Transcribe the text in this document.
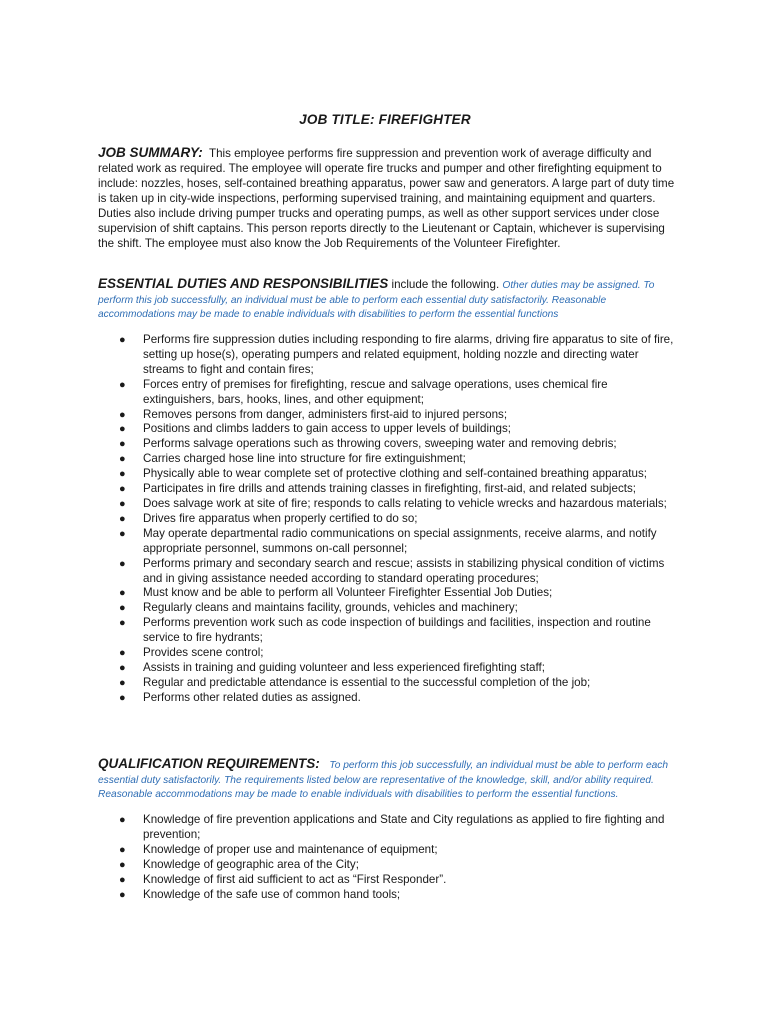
JOB TITLE: FIREFIGHTER
JOB SUMMARY: This employee performs fire suppression and prevention work of average difficulty and related work as required. The employee will operate fire trucks and pumper and other firefighting equipment to include: nozzles, hoses, self-contained breathing apparatus, power saw and generators. A large part of duty time is taken up in city-wide inspections, performing supervised training, and maintaining equipment and quarters. Duties also include driving pumper trucks and operating pumps, as well as other support services under close supervision of shift captains. This person reports directly to the Lieutenant or Captain, whichever is supervising the shift. The employee must also know the Job Requirements of the Volunteer Firefighter.
ESSENTIAL DUTIES AND RESPONSIBILITIES include the following. Other duties may be assigned. To perform this job successfully, an individual must be able to perform each essential duty satisfactorily. Reasonable accommodations may be made to enable individuals with disabilities to perform the essential functions
● Performs fire suppression duties including responding to fire alarms, driving fire apparatus to site of fire, setting up hose(s), operating pumpers and related equipment, holding nozzle and directing water streams to fight and contain fires;
● Forces entry of premises for firefighting, rescue and salvage operations, uses chemical fire extinguishers, bars, hooks, lines, and other equipment;
● Removes persons from danger, administers first-aid to injured persons;
● Positions and climbs ladders to gain access to upper levels of buildings;
● Performs salvage operations such as throwing covers, sweeping water and removing debris;
● Carries charged hose line into structure for fire extinguishment;
● Physically able to wear complete set of protective clothing and self-contained breathing apparatus;
● Participates in fire drills and attends training classes in firefighting, first-aid, and related subjects;
● Does salvage work at site of fire; responds to calls relating to vehicle wrecks and hazardous materials;
● Drives fire apparatus when properly certified to do so;
● May operate departmental radio communications on special assignments, receive alarms, and notify appropriate personnel, summons on-call personnel;
● Performs primary and secondary search and rescue; assists in stabilizing physical condition of victims and in giving assistance needed according to standard operating procedures;
● Must know and be able to perform all Volunteer Firefighter Essential Job Duties;
● Regularly cleans and maintains facility, grounds, vehicles and machinery;
● Performs prevention work such as code inspection of buildings and facilities, inspection and routine service to fire hydrants;
● Provides scene control;
● Assists in training and guiding volunteer and less experienced firefighting staff;
● Regular and predictable attendance is essential to the successful completion of the job;
● Performs other related duties as assigned.
QUALIFICATION REQUIREMENTS: To perform this job successfully, an individual must be able to perform each essential duty satisfactorily. The requirements listed below are representative of the knowledge, skill, and/or ability required. Reasonable accommodations may be made to enable individuals with disabilities to perform the essential functions.
● Knowledge of fire prevention applications and State and City regulations as applied to fire fighting and prevention;
● Knowledge of proper use and maintenance of equipment;
● Knowledge of geographic area of the City;
● Knowledge of first aid sufficient to act as “First Responder”.
● Knowledge of the safe use of common hand tools;
